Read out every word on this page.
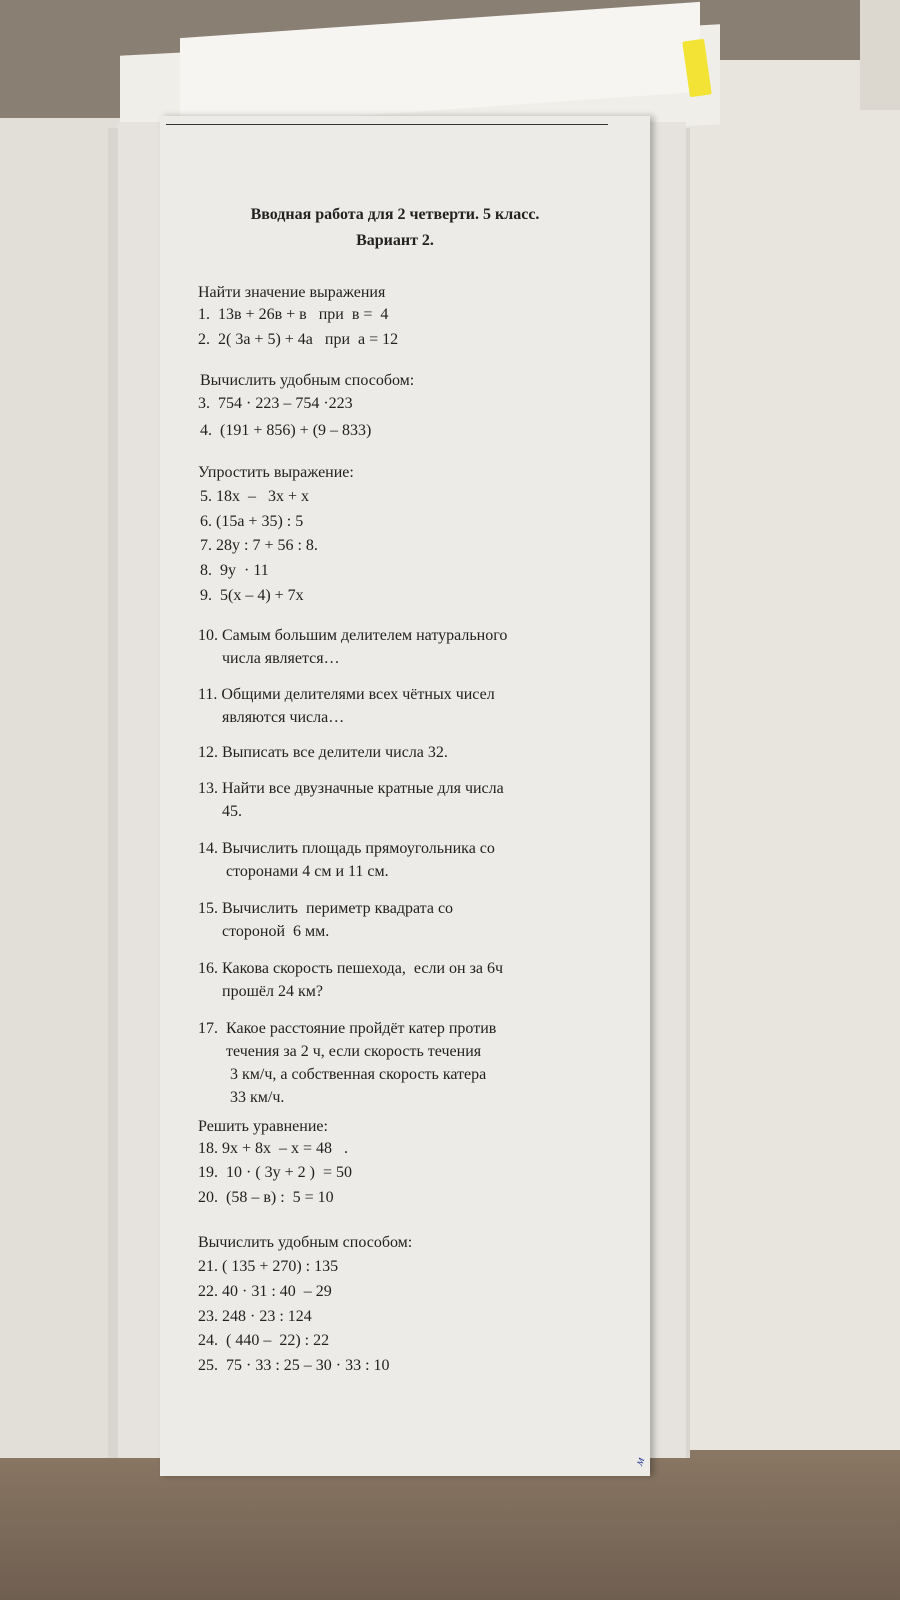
Вводная работа для 2 четверти. 5 класс.
Вариант 2.
Найти значение выражения
1.  13в + 26в + в   при  в =  4
2.  2( 3а + 5) + 4а   при  а = 12
Вычислить удобным способом:
3.  754 · 223 – 754 ·223
4.  (191 + 856) + (9 – 833)
Упростить выражение:
5. 18х  –   3х + х
6. (15а + 35) : 5
7. 28у : 7 + 56 : 8.
8.  9у  · 11
9.  5(х – 4) + 7х
10. Самым большим делителем натурального
числа является…
11. Общими делителями всех чётных чисел
являются числа…
12. Выписать все делители числа 32.
13. Найти все двузначные кратные для числа
45.
14. Вычислить площадь прямоугольника со
сторонами 4 см и 11 см.
15. Вычислить  периметр квадрата со
стороной  6 мм.
16. Какова скорость пешехода,  если он за 6ч
прошёл 24 км?
17.  Какое расстояние пройдёт катер против
течения за 2 ч, если скорость течения
3 км/ч, а собственная скорость катера
33 км/ч.
Решить уравнение:
18. 9х + 8х  – х = 48   .
19.  10 · ( 3у + 2 )  = 50
20.  (58 – в) :  5 = 10
Вычислить удобным способом:
21. ( 135 + 270) : 135
22. 40 · 31 : 40  – 29
23. 248 · 23 : 124
24.  ( 440 –  22) : 22
25.  75 · 33 : 25 – 30 · 33 : 10
м
